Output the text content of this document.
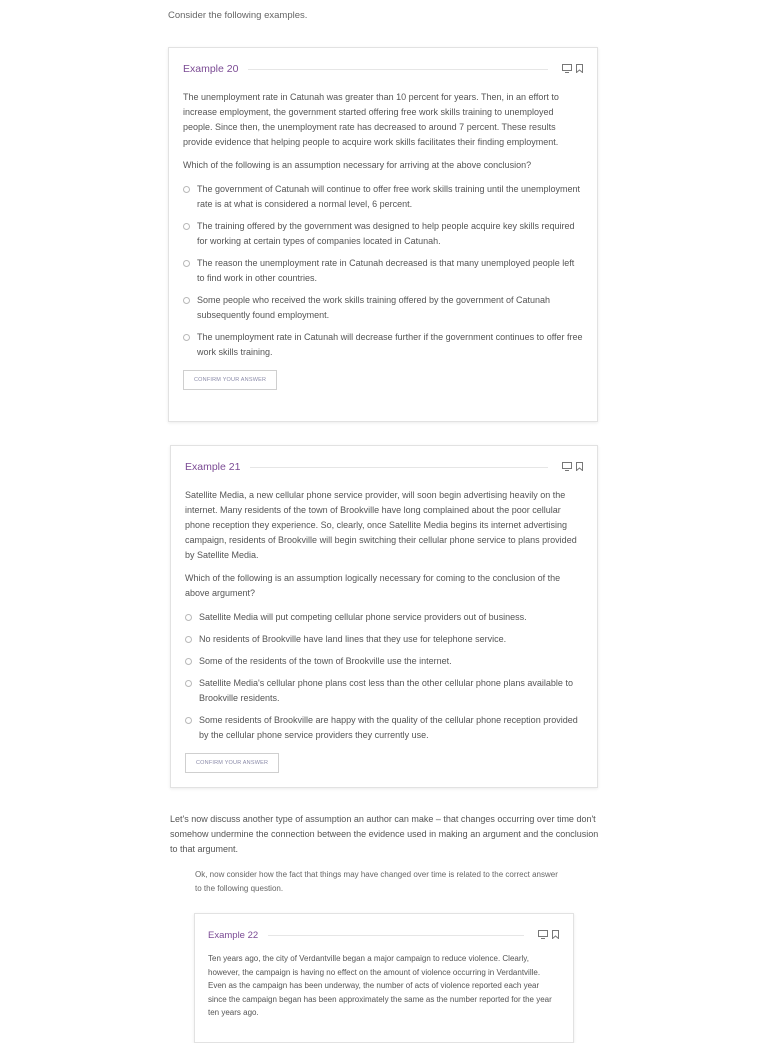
Consider the following examples.
Example 20

The unemployment rate in Catunah was greater than 10 percent for years. Then, in an effort to increase employment, the government started offering free work skills training to unemployed people. Since then, the unemployment rate has decreased to around 7 percent. These results provide evidence that helping people to acquire work skills facilitates their finding employment.

Which of the following is an assumption necessary for arriving at the above conclusion?

The government of Catunah will continue to offer free work skills training until the unemployment rate is at what is considered a normal level, 6 percent.
The training offered by the government was designed to help people acquire key skills required for working at certain types of companies located in Catunah.
The reason the unemployment rate in Catunah decreased is that many unemployed people left to find work in other countries.
Some people who received the work skills training offered by the government of Catunah subsequently found employment.
The unemployment rate in Catunah will decrease further if the government continues to offer free work skills training.
CONFIRM YOUR ANSWER
Example 21

Satellite Media, a new cellular phone service provider, will soon begin advertising heavily on the internet. Many residents of the town of Brookville have long complained about the poor cellular phone reception they experience. So, clearly, once Satellite Media begins its internet advertising campaign, residents of Brookville will begin switching their cellular phone service to plans provided by Satellite Media.

Which of the following is an assumption logically necessary for coming to the conclusion of the above argument?

Satellite Media will put competing cellular phone service providers out of business.
No residents of Brookville have land lines that they use for telephone service.
Some of the residents of the town of Brookville use the internet.
Satellite Media's cellular phone plans cost less than the other cellular phone plans available to Brookville residents.
Some residents of Brookville are happy with the quality of the cellular phone reception provided by the cellular phone service providers they currently use.
CONFIRM YOUR ANSWER

Let's now discuss another type of assumption an author can make – that changes occurring over time don't somehow undermine the connection between the evidence used in making an argument and the conclusion to that argument.

Ok, now consider how the fact that things may have changed over time is related to the correct answer to the following question.

Example 22

Ten years ago, the city of Verdantville began a major campaign to reduce violence. Clearly, however, the campaign is having no effect on the amount of violence occurring in Verdantville. Even as the campaign has been underway, the number of acts of violence reported each year since the campaign began has been approximately the same as the number reported for the year ten years ago.
